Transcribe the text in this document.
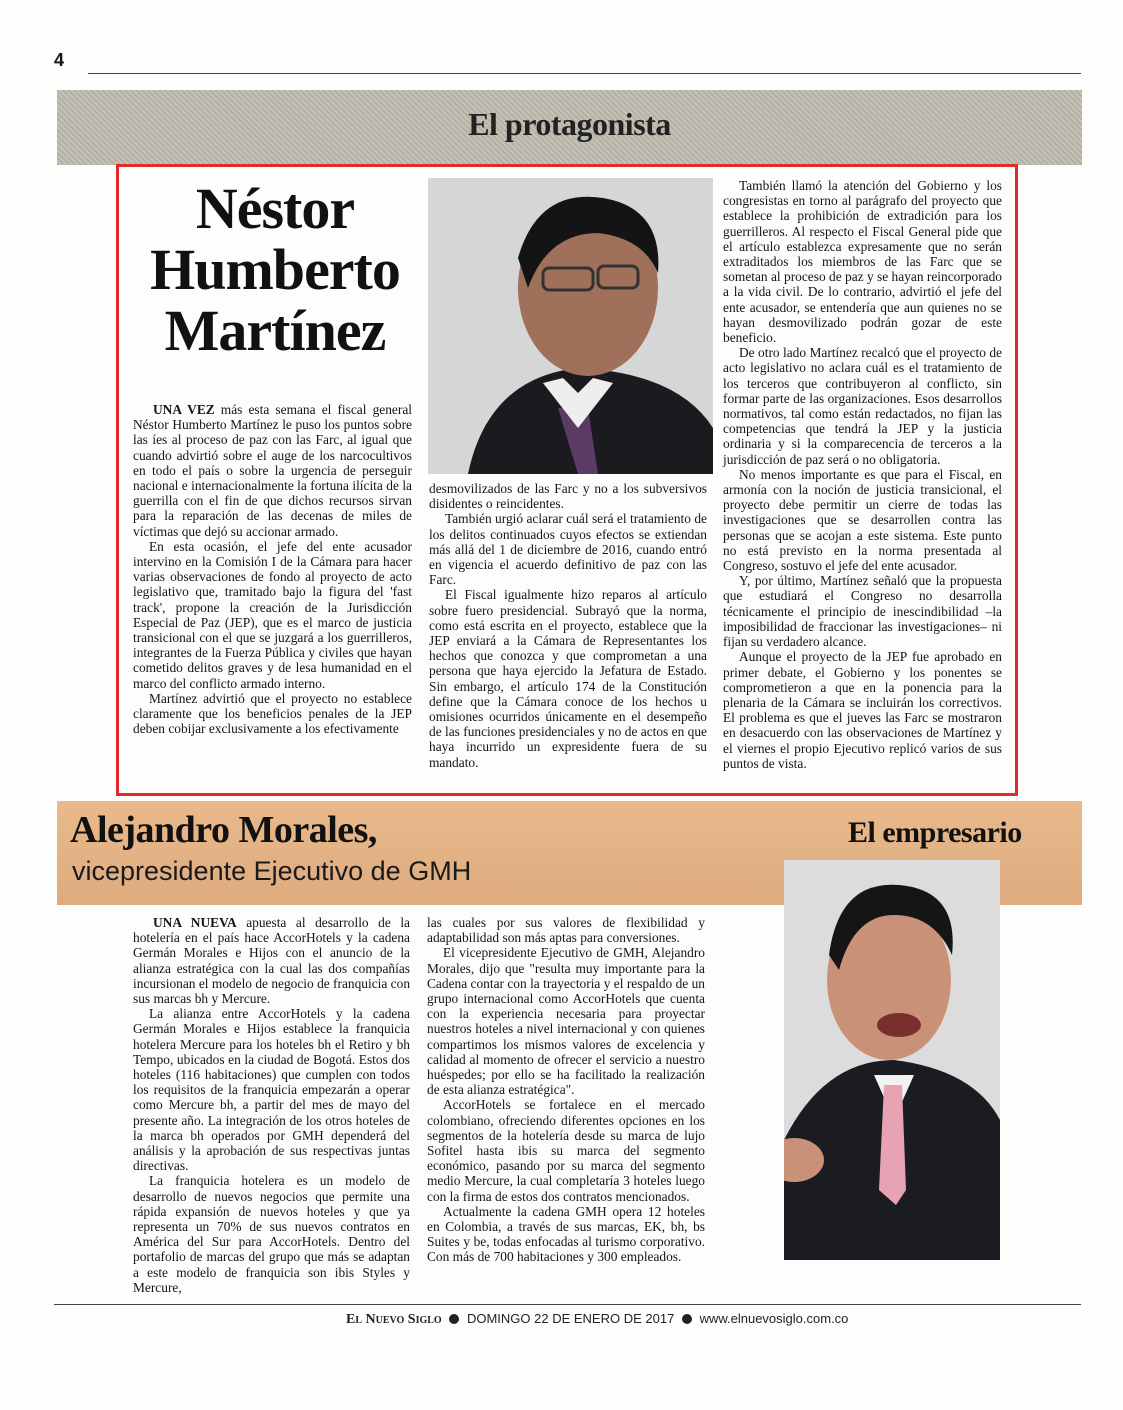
4
El protagonista
Néstor
Humberto
Martínez

UNA VEZ más esta semana el fiscal general Néstor Humberto Martínez le puso los puntos sobre las íes al proceso de paz con las Farc, al igual que cuando advirtió sobre el auge de los narcocultivos en todo el país o sobre la urgencia de perseguir nacional e internacionalmente la fortuna ilícita de la guerrilla con el fin de que dichos recursos sirvan para la reparación de las decenas de miles de víctimas que dejó su accionar armado.

En esta ocasión, el jefe del ente acusador intervino en la Comisión I de la Cámara para hacer varias observaciones de fondo al proyecto de acto legislativo que, tramitado bajo la figura del 'fast track', propone la creación de la Jurisdicción Especial de Paz (JEP), que es el marco de justicia transicional con el que se juzgará a los guerrilleros, integrantes de la Fuerza Pública y civiles que hayan cometido delitos graves y de lesa humanidad en el marco del conflicto armado interno.

Martínez advirtió que el proyecto no establece claramente que los beneficios penales de la JEP deben cobijar exclusivamente a los efectivamente

desmovilizados de las Farc y no a los subversivos disidentes o reincidentes.

También urgió aclarar cuál será el tratamiento de los delitos continuados cuyos efectos se extiendan más allá del 1 de diciembre de 2016, cuando entró en vigencia el acuerdo definitivo de paz con las Farc.

El Fiscal igualmente hizo reparos al artículo sobre fuero presidencial. Subrayó que la norma, como está escrita en el proyecto, establece que la JEP enviará a la Cámara de Representantes los hechos que conozca y que comprometan a una persona que haya ejercido la Jefatura de Estado. Sin embargo, el artículo 174 de la Constitución define que la Cámara conoce de los hechos u omisiones ocurridos únicamente en el desempeño de las funciones presidenciales y no de actos en que haya incurrido un expresidente fuera de su mandato.

También llamó la atención del Gobierno y los congresistas en torno al parágrafo del proyecto que establece la prohibición de extradición para los guerrilleros. Al respecto el Fiscal General pide que el artículo establezca expresamente que no serán extraditados los miembros de las Farc que se sometan al proceso de paz y se hayan reincorporado a la vida civil. De lo contrario, advirtió el jefe del ente acusador, se entendería que aun quienes no se hayan desmovilizado podrán gozar de este beneficio.

De otro lado Martínez recalcó que el proyecto de acto legislativo no aclara cuál es el tratamiento de los terceros que contribuyeron al conflicto, sin formar parte de las organizaciones. Esos desarrollos normativos, tal como están redactados, no fijan las competencias que tendrá la JEP y la justicia ordinaria y si la comparecencia de terceros a la jurisdicción de paz será o no obligatoria.

No menos importante es que para el Fiscal, en armonía con la noción de justicia transicional, el proyecto debe permitir un cierre de todas las investigaciones que se desarrollen contra las personas que se acojan a este sistema. Este punto no está previsto en la norma presentada al Congreso, sostuvo el jefe del ente acusador.

Y, por último, Martínez señaló que la propuesta que estudiará el Congreso no desarrolla técnicamente el principio de inescindibilidad –la imposibilidad de fraccionar las investigaciones– ni fijan su verdadero alcance.

Aunque el proyecto de la JEP fue aprobado en primer debate, el Gobierno y los ponentes se comprometieron a que en la ponencia para la plenaria de la Cámara se incluirán los correctivos. El problema es que el jueves las Farc se mostraron en desacuerdo con las observaciones de Martínez y el viernes el propio Ejecutivo replicó varios de sus puntos de vista.

Alejandro Morales,
vicepresidente Ejecutivo de GMH
El empresario

UNA NUEVA apuesta al desarrollo de la hotelería en el país hace AccorHotels y la cadena Germán Morales e Hijos con el anuncio de la alianza estratégica con la cual las dos compañías incursionan el modelo de negocio de franquicia con sus marcas bh y Mercure.

La alianza entre AccorHotels y la cadena Germán Morales e Hijos establece la franquicia hotelera Mercure para los hoteles bh el Retiro y bh Tempo, ubicados en la ciudad de Bogotá. Estos dos hoteles (116 habitaciones) que cumplen con todos los requisitos de la franquicia empezarán a operar como Mercure bh, a partir del mes de mayo del presente año. La integración de los otros hoteles de la marca bh operados por GMH dependerá del análisis y la aprobación de sus respectivas juntas directivas.

La franquicia hotelera es un modelo de desarrollo de nuevos negocios que permite una rápida expansión de nuevos hoteles y que ya representa un 70% de sus nuevos contratos en América del Sur para AccorHotels. Dentro del portafolio de marcas del grupo que más se adaptan a este modelo de franquicia son ibis Styles y Mercure,

las cuales por sus valores de flexibilidad y adaptabilidad son más aptas para conversiones.

El vicepresidente Ejecutivo de GMH, Alejandro Morales, dijo que "resulta muy importante para la Cadena contar con la trayectoria y el respaldo de un grupo internacional como AccorHotels que cuenta con la experiencia necesaria para proyectar nuestros hoteles a nivel internacional y con quienes compartimos los mismos valores de excelencia y calidad al momento de ofrecer el servicio a nuestro huéspedes; por ello se ha facilitado la realización de esta alianza estratégica".

AccorHotels se fortalece en el mercado colombiano, ofreciendo diferentes opciones en los segmentos de la hotelería desde su marca de lujo Sofitel hasta ibis su marca del segmento económico, pasando por su marca del segmento medio Mercure, la cual completaría 3 hoteles luego con la firma de estos dos contratos mencionados.

Actualmente la cadena GMH opera 12 hoteles en Colombia, a través de sus marcas, EK, bh, bs Suites y be, todas enfocadas al turismo corporativo. Con más de 700 habitaciones y 300 empleados.

El Nuevo Siglo DOMINGO 22 DE ENERO DE 2017 www.elnuevosiglo.com.co
